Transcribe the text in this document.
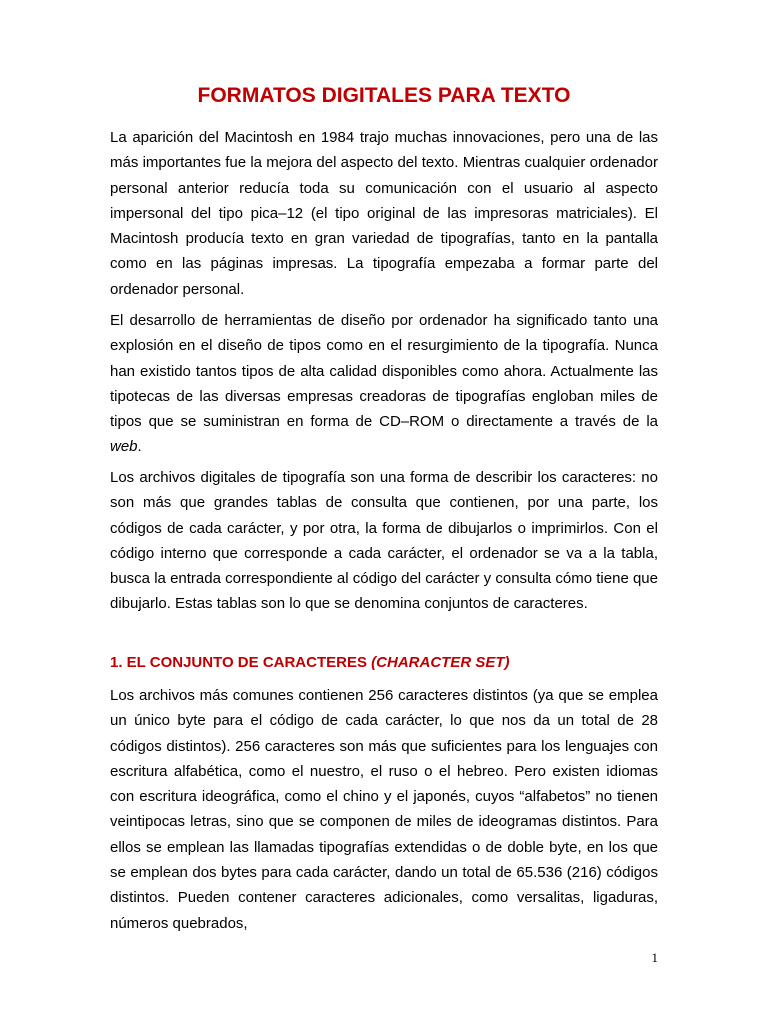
FORMATOS DIGITALES PARA TEXTO

La aparición del Macintosh en 1984 trajo muchas innovaciones, pero una de las más importantes fue la mejora del aspecto del texto. Mientras cualquier ordenador personal anterior reducía toda su comunicación con el usuario al aspecto impersonal del tipo pica–12 (el tipo original de las impresoras matriciales). El Macintosh producía texto en gran variedad de tipografías, tanto en la pantalla como en las páginas impresas. La tipografía empezaba a formar parte del ordenador personal.

El desarrollo de herramientas de diseño por ordenador ha significado tanto una explosión en el diseño de tipos como en el resurgimiento de la tipografía. Nunca han existido tantos tipos de alta calidad disponibles como ahora. Actualmente las tipotecas de las diversas empresas creadoras de tipografías engloban miles de tipos que se suministran en forma de CD–ROM o directamente a través de la web.

Los archivos digitales de tipografía son una forma de describir los caracteres: no son más que grandes tablas de consulta que contienen, por una parte, los códigos de cada carácter, y por otra, la forma de dibujarlos o imprimirlos. Con el código interno que corresponde a cada carácter, el ordenador se va a la tabla, busca la entrada correspondiente al código del carácter y consulta cómo tiene que dibujarlo. Estas tablas son lo que se denomina conjuntos de caracteres.

1. EL CONJUNTO DE CARACTERES (CHARACTER SET)

Los archivos más comunes contienen 256 caracteres distintos (ya que se emplea un único byte para el código de cada carácter, lo que nos da un total de 28 códigos distintos). 256 caracteres son más que suficientes para los lenguajes con escritura alfabética, como el nuestro, el ruso o el hebreo. Pero existen idiomas con escritura ideográfica, como el chino y el japonés, cuyos “alfabetos” no tienen veintipocas letras, sino que se componen de miles de ideogramas distintos. Para ellos se emplean las llamadas tipografías extendidas o de doble byte, en los que se emplean dos bytes para cada carácter, dando un total de 65.536 (216) códigos distintos. Pueden contener caracteres adicionales, como versalitas, ligaduras, números quebrados,

1
